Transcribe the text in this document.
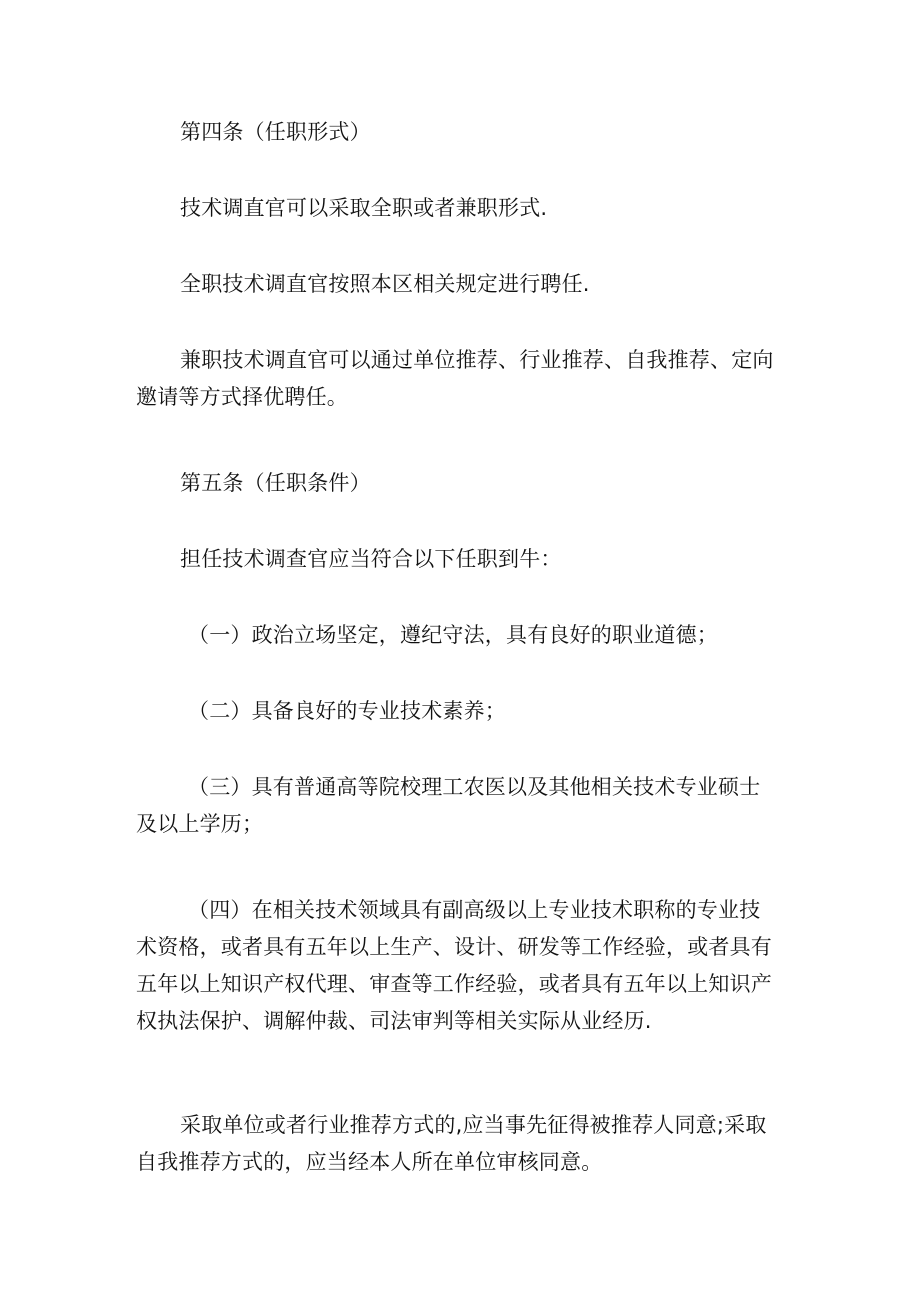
第四条（任职形式）

技术调直官可以采取全职或者兼职形式.

全职技术调直官按照本区相关规定进行聘任.

兼职技术调直官可以通过单位推荐、行业推荐、自我推荐、定向邀请等方式择优聘任。

第五条（任职条件）

担任技术调查官应当符合以下任职到牛：

（一）政治立场坚定，遵纪守法，具有良好的职业道德；

（二）具备良好的专业技术素养；

（三）具有普通高等院校理工农医以及其他相关技术专业硕士及以上学历；

（四）在相关技术领域具有副高级以上专业技术职称的专业技术资格，或者具有五年以上生产、设计、研发等工作经验，或者具有五年以上知识产权代理、审查等工作经验，或者具有五年以上知识产权执法保护、调解仲裁、司法审判等相关实际从业经历.

采取单位或者行业推荐方式的,应当事先征得被推荐人同意;采取自我推荐方式的，应当经本人所在单位审核同意。
